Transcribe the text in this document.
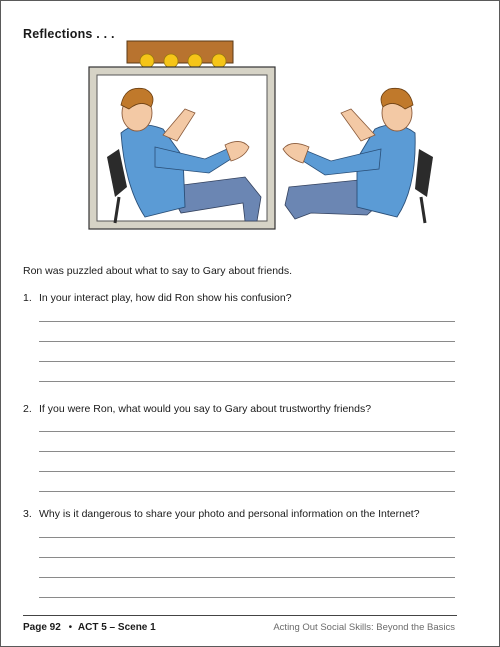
Reflections . . .
Ron was puzzled about what to say to Gary about friends.
1. In your interact play, how did Ron show his confusion?
2. If you were Ron, what would you say to Gary about trustworthy friends?
3. Why is it dangerous to share your photo and personal information on the Internet?
Page 92 • ACT 5 – Scene 1	Acting Out Social Skills: Beyond the Basics
